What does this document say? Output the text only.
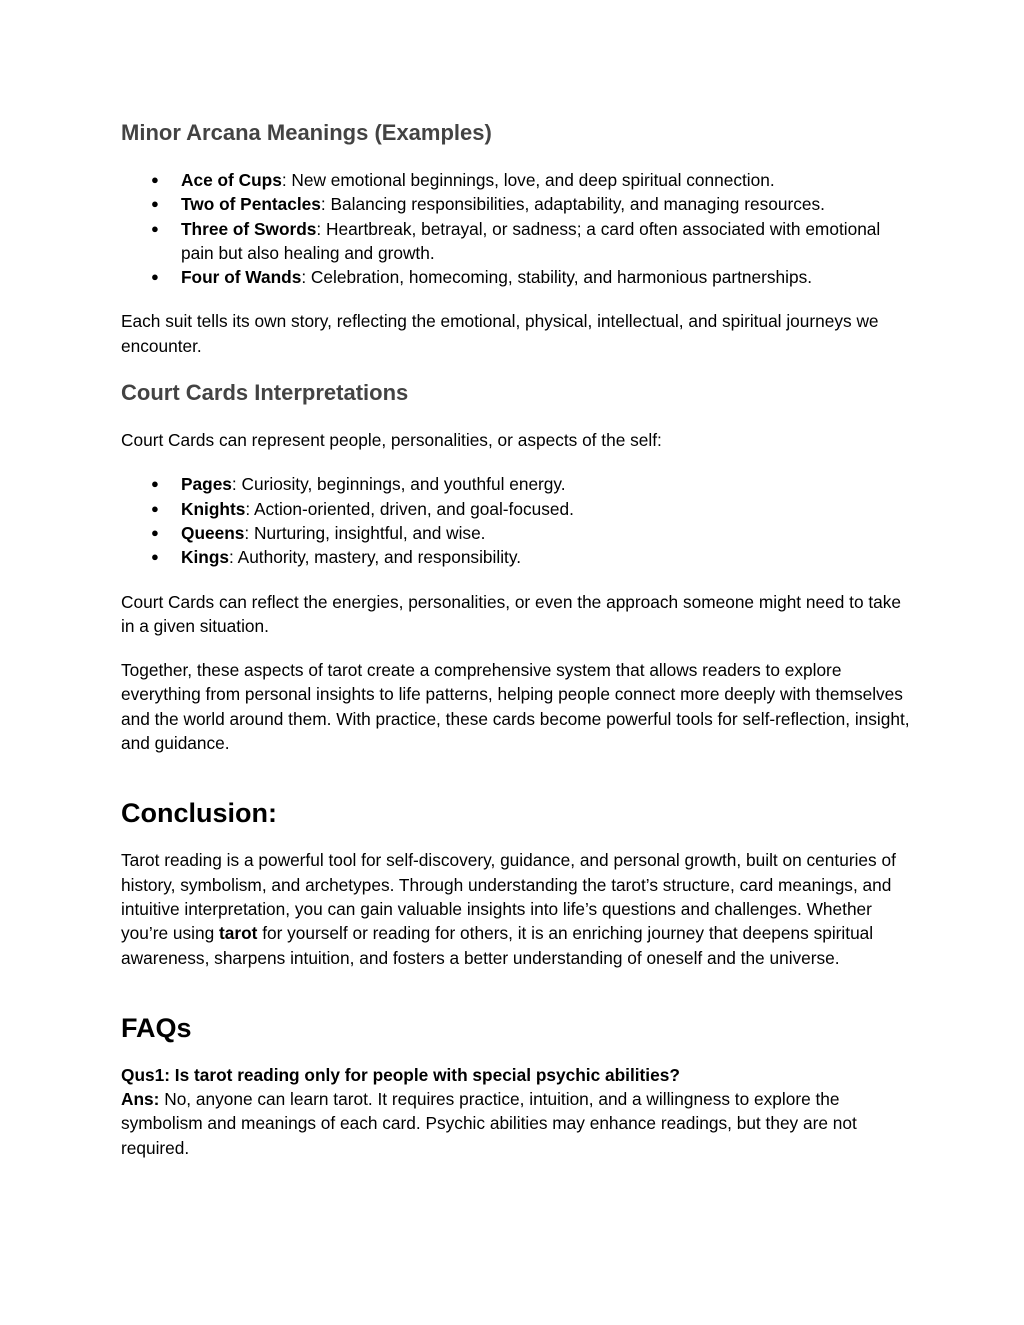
Minor Arcana Meanings (Examples)
● Ace of Cups: New emotional beginnings, love, and deep spiritual connection.
● Two of Pentacles: Balancing responsibilities, adaptability, and managing resources.
● Three of Swords: Heartbreak, betrayal, or sadness; a card often associated with emotional pain but also healing and growth.
● Four of Wands: Celebration, homecoming, stability, and harmonious partnerships.

Each suit tells its own story, reflecting the emotional, physical, intellectual, and spiritual journeys we encounter.

Court Cards Interpretations

Court Cards can represent people, personalities, or aspects of the self:

● Pages: Curiosity, beginnings, and youthful energy.
● Knights: Action-oriented, driven, and goal-focused.
● Queens: Nurturing, insightful, and wise.
● Kings: Authority, mastery, and responsibility.

Court Cards can reflect the energies, personalities, or even the approach someone might need to take in a given situation.

Together, these aspects of tarot create a comprehensive system that allows readers to explore everything from personal insights to life patterns, helping people connect more deeply with themselves and the world around them. With practice, these cards become powerful tools for self-reflection, insight, and guidance.

Conclusion:

Tarot reading is a powerful tool for self-discovery, guidance, and personal growth, built on centuries of history, symbolism, and archetypes. Through understanding the tarot’s structure, card meanings, and intuitive interpretation, you can gain valuable insights into life’s questions and challenges. Whether you’re using tarot for yourself or reading for others, it is an enriching journey that deepens spiritual awareness, sharpens intuition, and fosters a better understanding of oneself and the universe.

FAQs

Qus1: Is tarot reading only for people with special psychic abilities?

Ans: No, anyone can learn tarot. It requires practice, intuition, and a willingness to explore the symbolism and meanings of each card. Psychic abilities may enhance readings, but they are not required.
